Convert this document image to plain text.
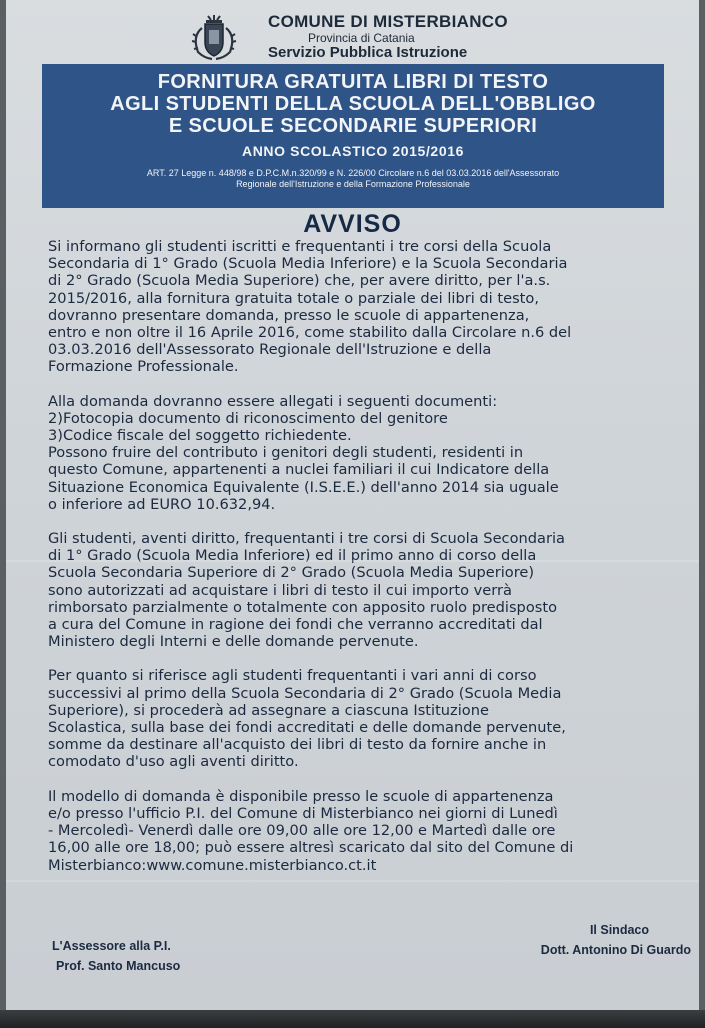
COMUNE DI MISTERBIANCO
Provincia di Catania
Servizio Pubblica Istruzione
FORNITURA GRATUITA LIBRI DI TESTO
AGLI STUDENTI DELLA SCUOLA DELL'OBBLIGO
E SCUOLE SECONDARIE SUPERIORI
ANNO SCOLASTICO 2015/2016
ART. 27 Legge n. 448/98 e D.P.C.M.n.320/99 e N. 226/00 Circolare n.6 del 03.03.2016 dell'Assessorato
Regionale dell'Istruzione e della Formazione Professionale
AVVISO

Si informano gli studenti iscritti e frequentanti i tre corsi della Scuola
Secondaria di 1° Grado (Scuola Media Inferiore) e la Scuola Secondaria
di 2° Grado (Scuola Media Superiore) che, per avere diritto, per l'a.s.
2015/2016, alla fornitura gratuita totale o parziale dei libri di testo,
dovranno presentare domanda, presso le scuole di appartenenza,
entro e non oltre il 16 Aprile 2016, come stabilito dalla Circolare n.6 del
03.03.2016 dell'Assessorato Regionale dell'Istruzione e della
Formazione Professionale.

Alla domanda dovranno essere allegati i seguenti documenti:
2)Fotocopia documento di riconoscimento del genitore
3)Codice fiscale del soggetto richiedente.
Possono fruire del contributo i genitori degli studenti, residenti in
questo Comune, appartenenti a nuclei familiari il cui Indicatore della
Situazione Economica Equivalente (I.S.E.E.) dell'anno 2014 sia uguale
o inferiore ad EURO 10.632,94.

Gli studenti, aventi diritto, frequentanti i tre corsi di Scuola Secondaria
di 1° Grado (Scuola Media Inferiore) ed il primo anno di corso della
Scuola Secondaria Superiore di 2° Grado (Scuola Media Superiore)
sono autorizzati ad acquistare i libri di testo il cui importo verrà
rimborsato parzialmente o totalmente con apposito ruolo predisposto
a cura del Comune in ragione dei fondi che verranno accreditati dal
Ministero degli Interni e delle domande pervenute.

Per quanto si riferisce agli studenti frequentanti i vari anni di corso
successivi al primo della Scuola Secondaria di 2° Grado (Scuola Media
Superiore), si procederà ad assegnare a ciascuna Istituzione
Scolastica, sulla base dei fondi accreditati e delle domande pervenute,
somme da destinare all'acquisto dei libri di testo da fornire anche in
comodato d'uso agli aventi diritto.

Il modello di domanda è disponibile presso le scuole di appartenenza
e/o presso l'ufficio P.I. del Comune di Misterbianco nei giorni di Lunedì
- Mercoledì- Venerdì dalle ore 09,00 alle ore 12,00 e Martedì dalle ore
16,00 alle ore 18,00; può essere altresì scaricato dal sito del Comune di
Misterbianco:www.comune.misterbianco.ct.it

L'Assessore alla P.I.
Prof. Santo Mancuso
Il Sindaco
Dott. Antonino Di Guardo
